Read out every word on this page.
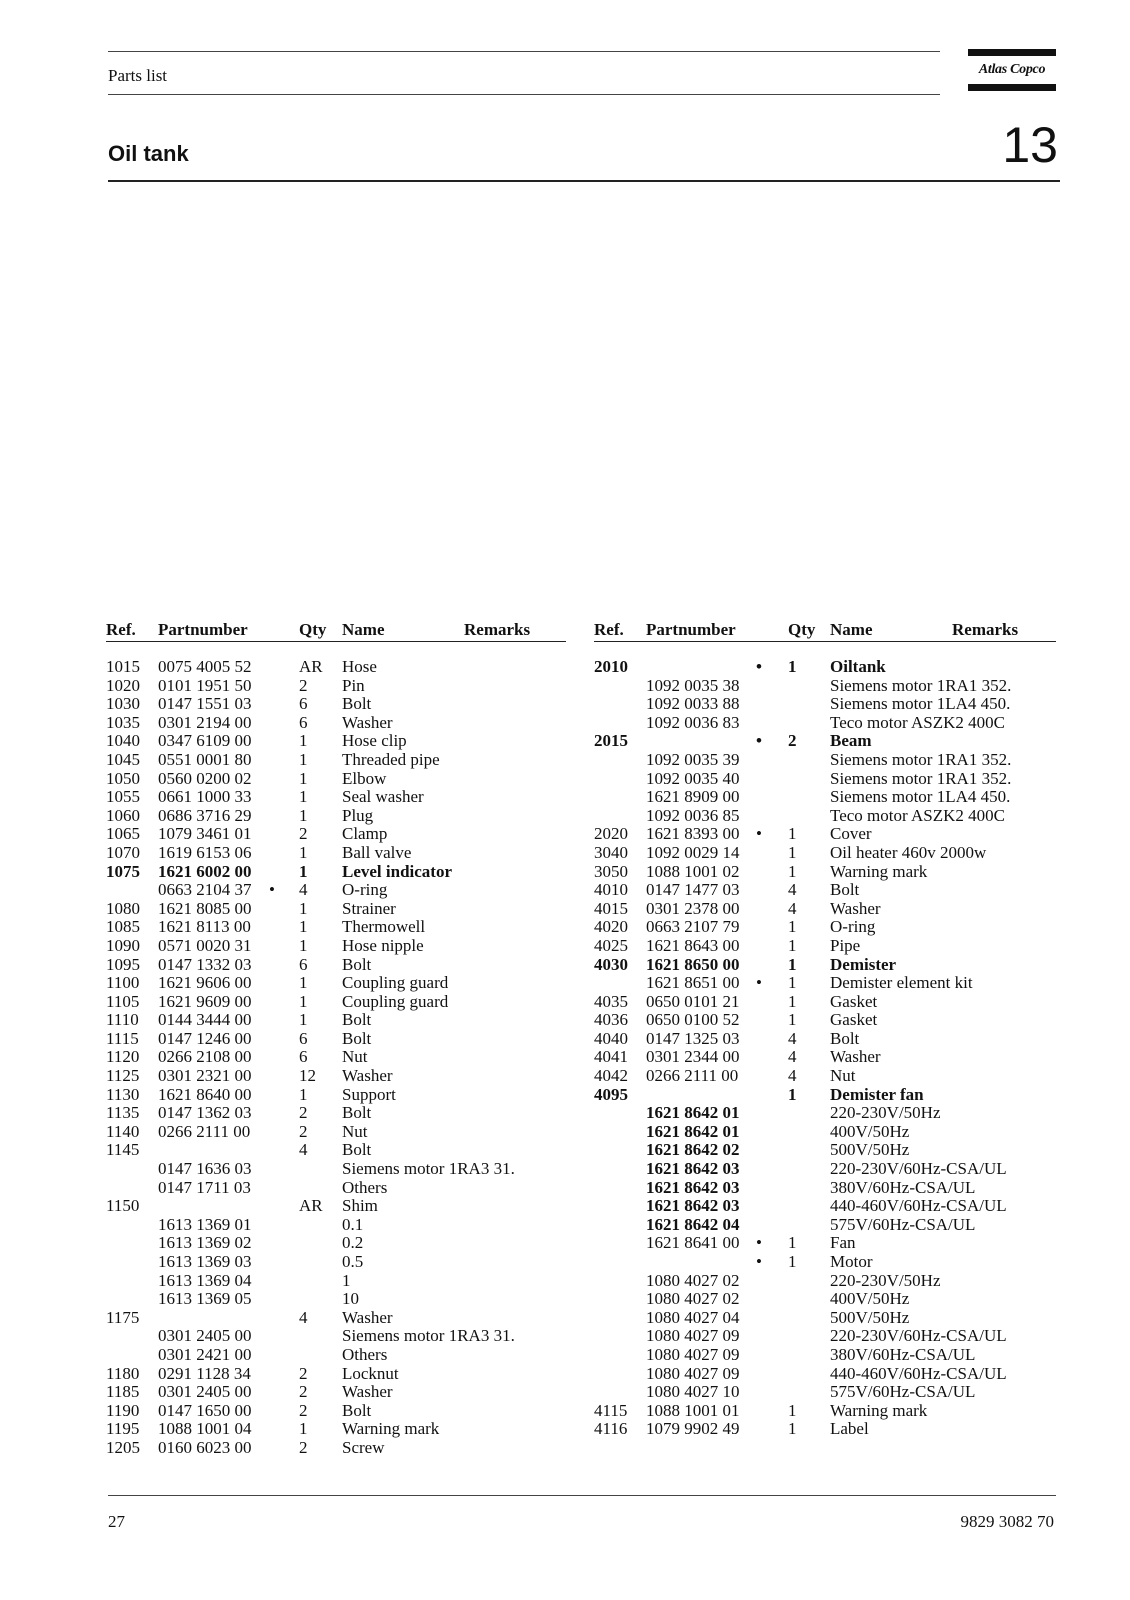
Parts list	Atlas Copco
Oil tank	13
Ref. Partnumber	Qty Name	Remarks
1015 0075 4005 52	AR Hose
1020 0101 1951 50	2 Pin
1030 0147 1551 03	6 Bolt
1035 0301 2194 00	6 Washer
1040 0347 6109 00	1 Hose clip
1045 0551 0001 80	1 Threaded pipe
1050 0560 0200 02	1 Elbow
1055 0661 1000 33	1 Seal washer
1060 0686 3716 29	1 Plug
1065 1079 3461 01	2 Clamp
1070 1619 6153 06	1 Ball valve
1075 1621 6002 00	1 Level indicator
0663 2104 37 • 4 O-ring
1080 1621 8085 00	1 Strainer
1085 1621 8113 00	1 Thermowell
1090 0571 0020 31	1 Hose nipple
1095 0147 1332 03	6 Bolt
1100 1621 9606 00	1 Coupling guard
1105 1621 9609 00	1 Coupling guard
1110 0144 3444 00	1 Bolt
1115 0147 1246 00	6 Bolt
1120 0266 2108 00	6 Nut
1125 0301 2321 00	12 Washer
1130 1621 8640 00	1 Support
1135 0147 1362 03	2 Bolt
1140 0266 2111 00	2 Nut
1145	4 Bolt
0147 1636 03	Siemens motor 1RA3 31.
0147 1711 03	Others
1150	AR Shim
1613 1369 01	0.1
1613 1369 02	0.2
1613 1369 03	0.5
1613 1369 04	1
1613 1369 05	10
1175	4 Washer
0301 2405 00	Siemens motor 1RA3 31.
0301 2421 00	Others
1180 0291 1128 34	2 Locknut
1185 0301 2405 00	2 Washer
1190 0147 1650 00	2 Bolt
1195 1088 1001 04	1 Warning mark
1205 0160 6023 00	2 Screw
Ref. Partnumber	Qty Name	Remarks
2010	• 1 Oiltank
1092 0035 38	Siemens motor 1RA1 352.
1092 0033 88	Siemens motor 1LA4 450.
1092 0036 83	Teco motor ASZK2 400C
2015	• 2 Beam
1092 0035 39	Siemens motor 1RA1 352.
1092 0035 40	Siemens motor 1RA1 352.
1621 8909 00	Siemens motor 1LA4 450.
1092 0036 85	Teco motor ASZK2 400C
2020 1621 8393 00 • 1 Cover
3040 1092 0029 14	1 Oil heater 460v 2000w
3050 1088 1001 02	1 Warning mark
4010 0147 1477 03	4 Bolt
4015 0301 2378 00	4 Washer
4020 0663 2107 79	1 O-ring
4025 1621 8643 00	1 Pipe
4030 1621 8650 00	1 Demister
1621 8651 00 • 1 Demister element kit
4035 0650 0101 21	1 Gasket
4036 0650 0100 52	1 Gasket
4040 0147 1325 03	4 Bolt
4041 0301 2344 00	4 Washer
4042 0266 2111 00	4 Nut
4095	1 Demister fan
1621 8642 01	220-230V/50Hz
1621 8642 01	400V/50Hz
1621 8642 02	500V/50Hz
1621 8642 03	220-230V/60Hz-CSA/UL
1621 8642 03	380V/60Hz-CSA/UL
1621 8642 03	440-460V/60Hz-CSA/UL
1621 8642 04	575V/60Hz-CSA/UL
1621 8641 00 • 1 Fan
• 1 Motor
1080 4027 02	220-230V/50Hz
1080 4027 02	400V/50Hz
1080 4027 04	500V/50Hz
1080 4027 09	220-230V/60Hz-CSA/UL
1080 4027 09	380V/60Hz-CSA/UL
1080 4027 09	440-460V/60Hz-CSA/UL
1080 4027 10	575V/60Hz-CSA/UL
4115 1088 1001 01	1 Warning mark
4116 1079 9902 49	1 Label
27	9829 3082 70
